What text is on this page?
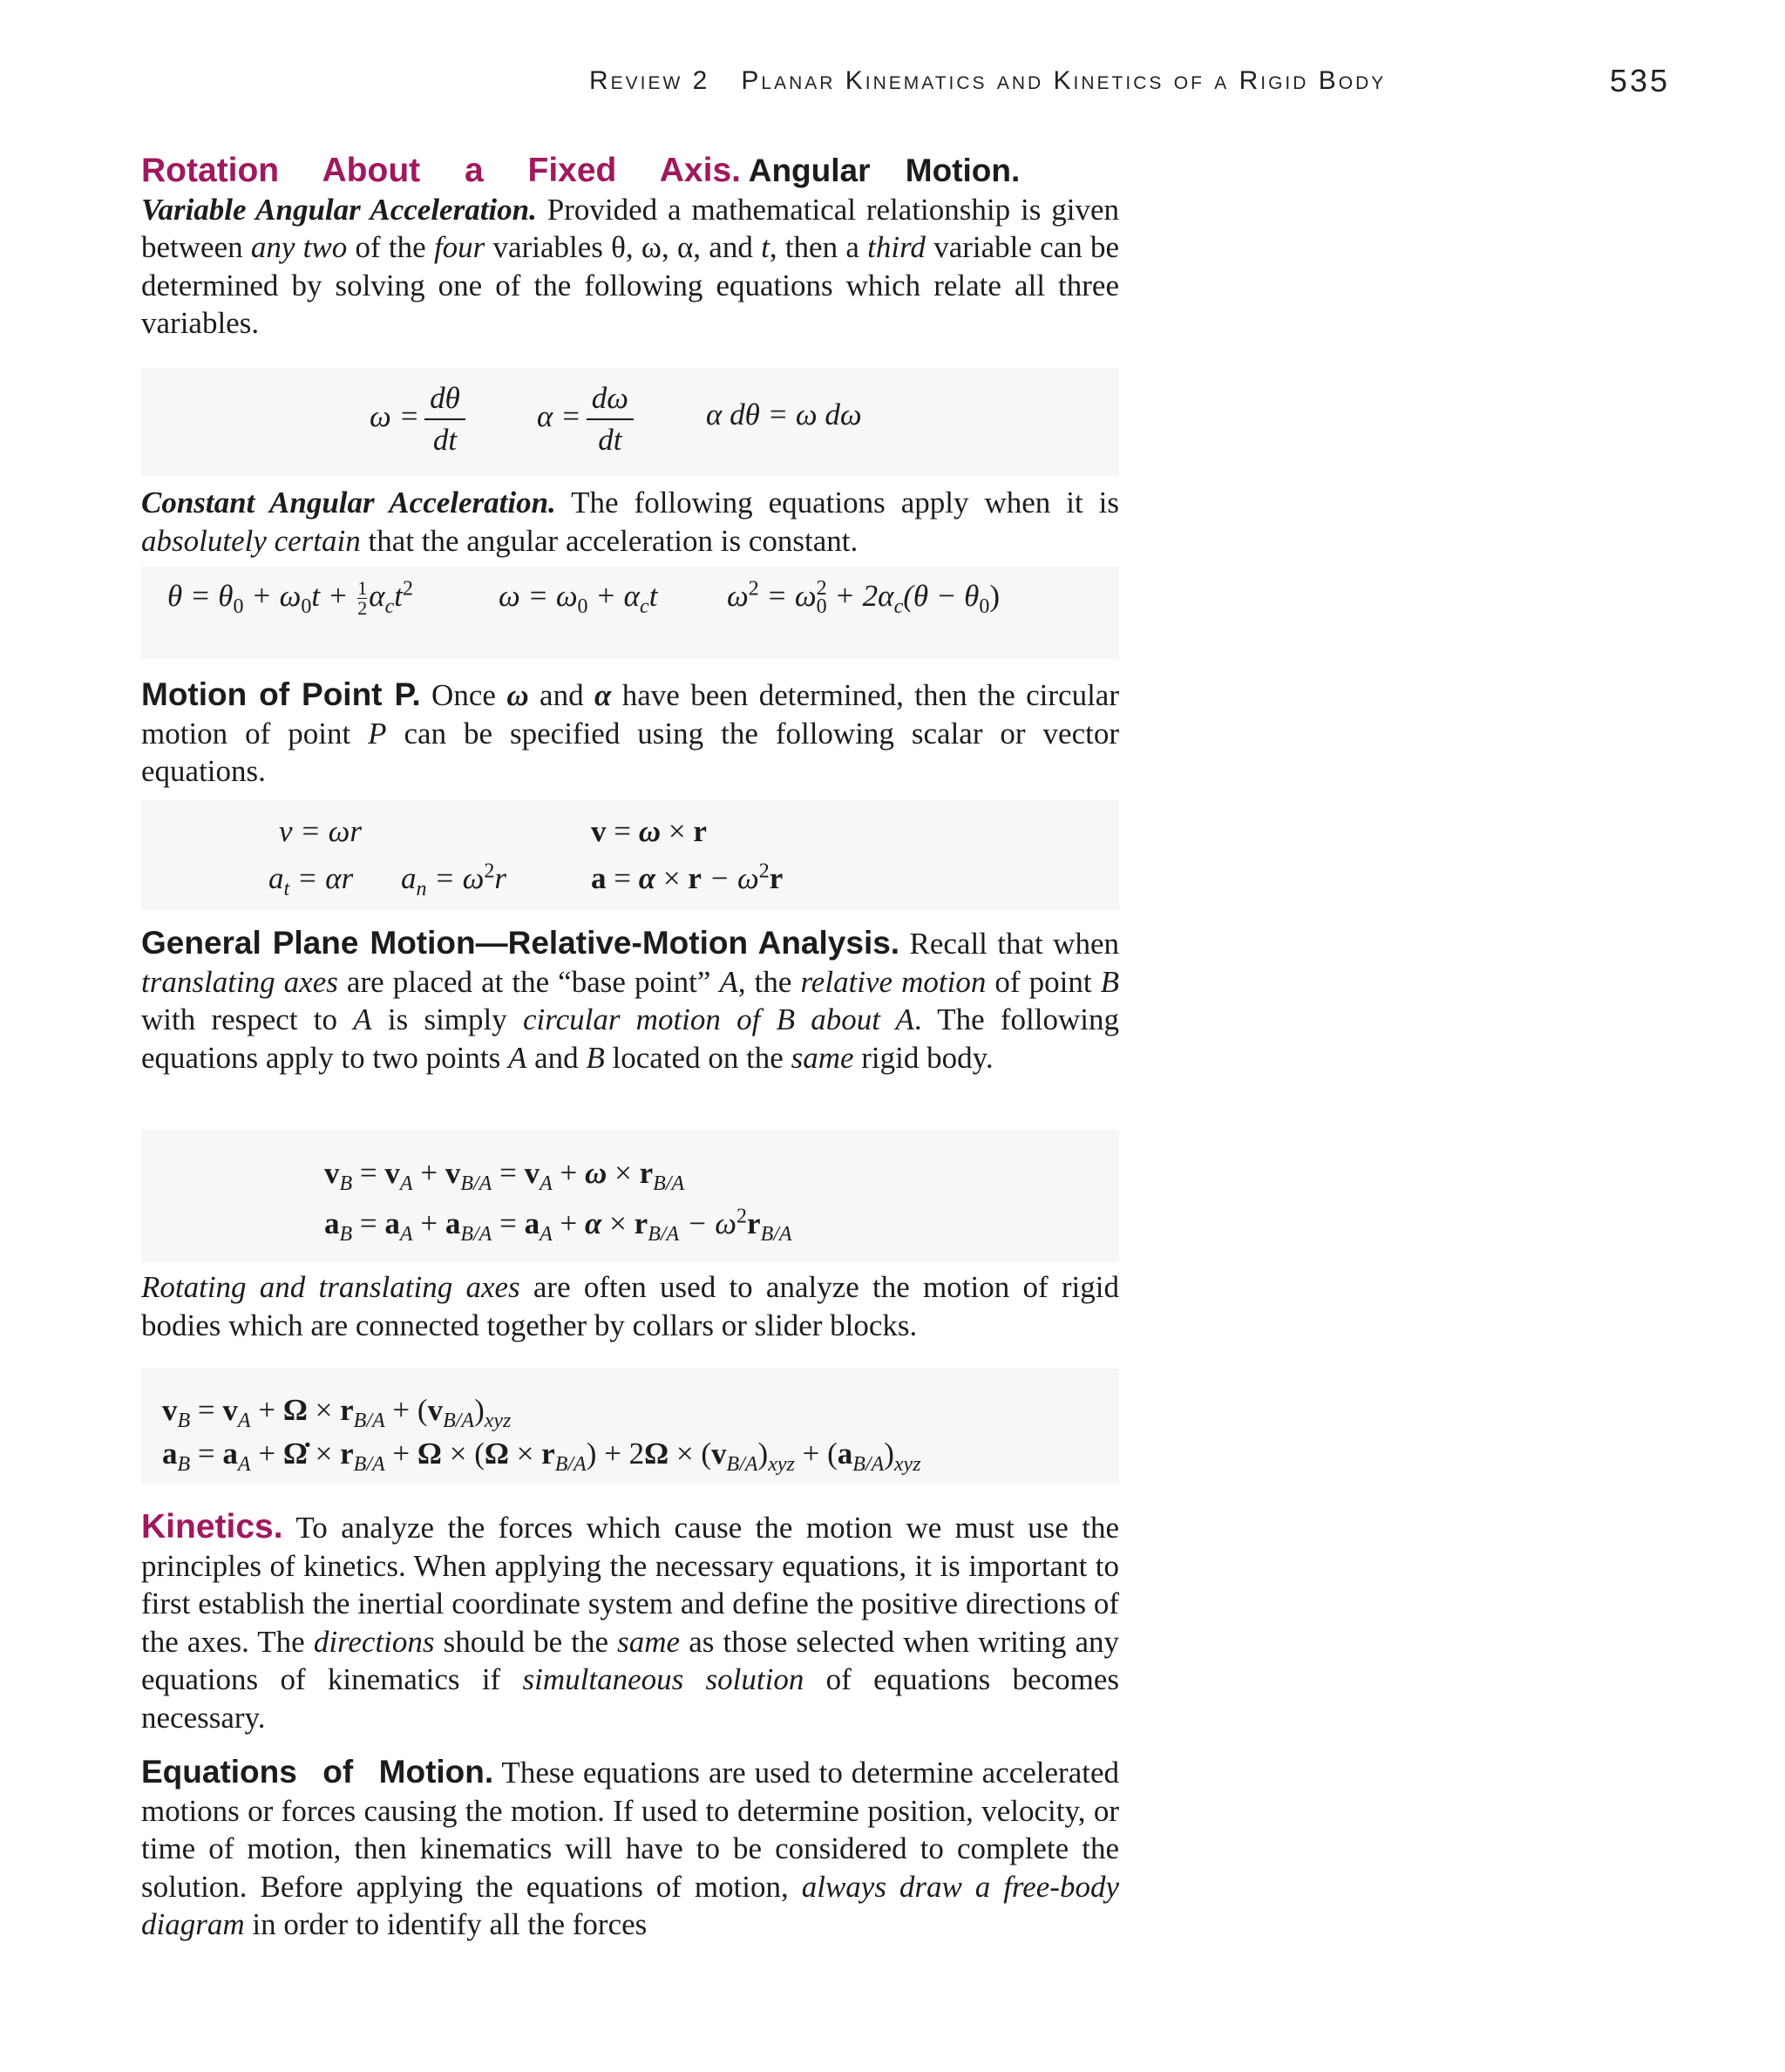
Review 2 Planar Kinematics and Kinetics of a Rigid Body	535
Rotation About a Fixed Axis. Angular Motion.
Variable Angular Acceleration. Provided a mathematical relationship is given between any two of the four variables θ, ω, α, and t, then a third variable can be determined by solving one of the following equations which relate all three variables.
$\omega = \frac{d\theta}{dt}$ $\alpha = \frac{d\omega}{dt}$ α dθ = ω dω
Constant Angular Acceleration. The following equations apply when it is absolutely certain that the angular acceleration is constant.
$\theta = \theta_0 + \omega_0t + \frac{1}{2} \alpha_ct^2$	$\omega = \omega_0 + \alpha_ct$ $\omega^2 = \omega_0^2 + 2\alpha_c(\theta - \theta_0)$
Motion of Point P. Once ω and α have been determined, then the circular motion of point P can be specified using the following scalar or vector equations.
v = ωr	v = ω × r
$a_t = \alpha r$ $a_n = \omega^2r$	$a = \alpha \times r - \omega^2r$
General Plane Motion—Relative-Motion Analysis. Recall that when translating axes are placed at the “base point” A, the relative motion of point B with respect to A is simply circular motion of B about A. The following equations apply to two points A and B located on the same rigid body.
$v_B = v_A + v_{B/A} = v_A + \omega \times r_{B/A}$
$a_B = a_A + a_{B/A} = a_A + \alpha \times r_{B/A} - \omega^2r_{B/A}$
Rotating and translating axes are often used to analyze the motion of rigid bodies which are connected together by collars or slider blocks.
$v_B = v_A + \Omega \times r_{B/A} + (v_{B/A})_{xyz}$
$a_B = a_A$ + Ω̇ × $r_{B/A} + \Omega \times (\Omega \times r_{B/A}) + 2\Omega \times (v_{B/A})_{xyz} + (a_{B/A})_{xyz}$
Kinetics. To analyze the forces which cause the motion we must use the principles of kinetics. When applying the necessary equations, it is important to first establish the inertial coordinate system and define the positive directions of the axes. The directions should be the same as those selected when writing any equations of kinematics if simultaneous solution of equations becomes necessary.
Equations of Motion. These equations are used to determine accelerated motions or forces causing the motion. If used to determine position, velocity, or time of motion, then kinematics will have to be considered to complete the solution. Before applying the equations of motion, always draw a free-body diagram in order to identify all the forces
